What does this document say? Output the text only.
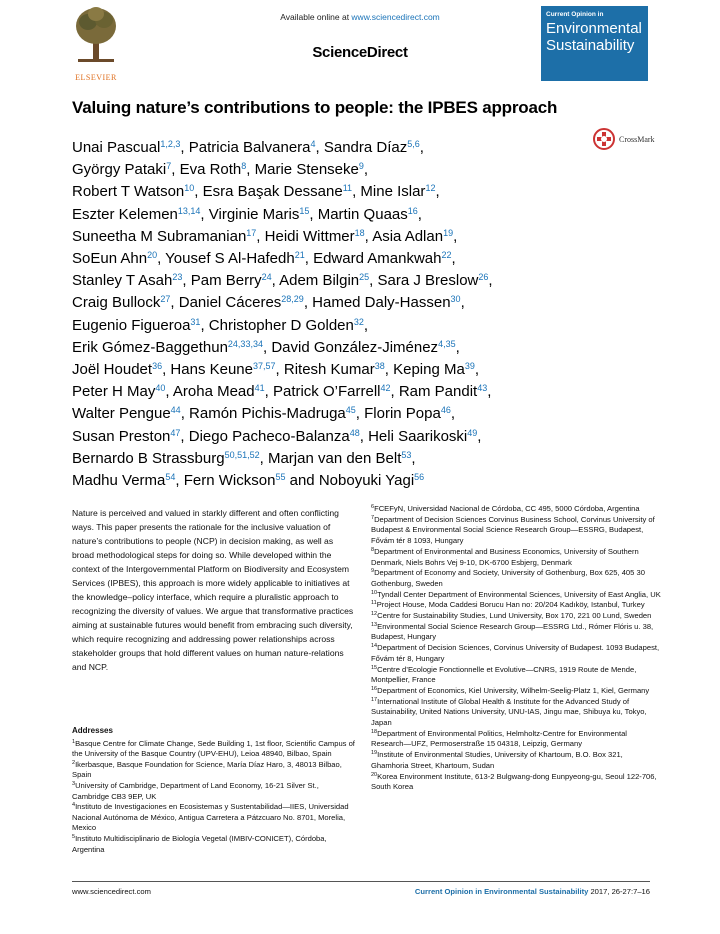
ELSEVIER
Available online at www.sciencedirect.com
ScienceDirect
Current Opinion in
Environmental
Sustainability
Valuing nature’s contributions to people: the IPBES approach
CrossMark
Unai Pascual$^{1,2,3}$, Patricia Balvanera$^4$, Sandra Díaz$^{5,6}$,
György Pataki$^7$, Eva Roth$^8$, Marie Stenseke$^9$,
Robert T Watson$^{10}$, Esra Başak Dessane$^{11}$, Mine Islar$^{12}$,
Eszter Kelemen$^{13,14}$, Virginie Maris$^{15}$, Martin Quaas$^{16}$,
Suneetha M Subramanian$^{17}$, Heidi Wittmer$^{18}$, Asia Adlan$^{19}$,
SoEun Ahn$^{20}$, Yousef S Al-Hafedh$^{21}$, Edward Amankwah$^{22}$,
Stanley T Asah$^{23}$, Pam Berry$^{24}$, Adem Bilgin$^{25}$, Sara J Breslow$^{26}$,
Craig Bullock$^{27}$, Daniel Cáceres$^{28,29}$, Hamed Daly-Hassen$^{30}$,
Eugenio Figueroa$^{31}$, Christopher D Golden$^{32}$,
Erik Gómez-Baggethun$^{24,33,34}$, David González-Jiménez$^{4,35}$,
Joël Houdet$^{36}$, Hans Keune$^{37,57}$, Ritesh Kumar$^{38}$, Keping Ma$^{39}$,
Peter H May$^{40}$, Aroha Mead$^{41}$, Patrick O’Farrell$^{42}$, Ram Pandit$^{43}$,
Walter Pengue$^{44}$, Ramón Pichis-Madruga$^{45}$, Florin Popa$^{46}$,
Susan Preston$^{47}$, Diego Pacheco-Balanza$^{48}$, Heli Saarikoski$^{49}$,
Bernardo B Strassburg$^{50,51,52}$, Marjan van den Belt$^{53}$,
Madhu Verma$^{54}$, Fern Wickson$^{55}$ and Noboyuki Yagi$^{56}$
Nature is perceived and valued in starkly different and often conflicting ways. This paper presents the rationale for the inclusive valuation of nature’s contributions to people (NCP) in decision making, as well as broad methodological steps for doing so. While developed within the context of the Intergovernmental Platform on Biodiversity and Ecosystem Services (IPBES), this approach is more widely applicable to initiatives at the knowledge–policy interface, which require a pluralistic approach to recognizing the diversity of values. We argue that transformative practices aiming at sustainable futures would benefit from embracing such diversity, which require recognizing and addressing power relationships across stakeholder groups that hold different values on human nature-relations and NCP.
Addresses
$^1$Basque Centre for Climate Change, Sede Building 1, 1st floor, Scientific Campus of the University of the Basque Country (UPV-EHU), Leioa 48940, Bilbao, Spain
$^2$Ikerbasque, Basque Foundation for Science, María Díaz Haro, 3, 48013 Bilbao, Spain
$^3$University of Cambridge, Department of Land Economy, 16-21 Silver St., Cambridge CB3 9EP, UK
$^4$Instituto de Investigaciones en Ecosistemas y Sustentabilidad—IIES, Universidad Nacional Autónoma de México, Antigua Carretera a Pátzcuaro No. 8701, Morelia, Mexico
$^5$Instituto Multidisciplinario de Biología Vegetal (IMBIV-CONICET), Córdoba, Argentina
$^6$FCEFyN, Universidad Nacional de Córdoba, CC 495, 5000 Córdoba, Argentina
$^7$Department of Decision Sciences Corvinus Business School, Corvinus University of Budapest & Environmental Social Science Research Group—ESSRG, Budapest, Fővám tér 8 1093, Hungary
$^8$Department of Environmental and Business Economics, University of Southern Denmark, Niels Bohrs Vej 9-10, DK-6700 Esbjerg, Denmark
$^9$Department of Economy and Society, University of Gothenburg, Box 625, 405 30 Gothenburg, Sweden
$^{10}$Tyndall Center Department of Environmental Sciences, University of East Anglia, UK
$^{11}$Project House, Moda Caddesi Borucu Han no: 20/204 Kadıköy, Istanbul, Turkey
$^{12}$Centre for Sustainability Studies, Lund University, Box 170, 221 00 Lund, Sweden
$^{13}$Environmental Social Science Research Group—ESSRG Ltd., Rómer Flóris u. 38, Budapest, Hungary
$^{14}$Department of Decision Sciences, Corvinus University of Budapest. 1093 Budapest, Fővám tér 8, Hungary
$^{15}$Centre d’Ecologie Fonctionnelle et Evolutive—CNRS, 1919 Route de Mende, Montpellier, France
$^{16}$Department of Economics, Kiel University, Wilhelm-Seelig-Platz 1, Kiel, Germany
$^{17}$International Institute of Global Health & Institute for the Advanced Study of Sustainability, United Nations University, UNU-IAS, Jingu mae, Shibuya ku, Tokyo, Japan
$^{18}$Department of Environmental Politics, Helmholtz-Centre for Environmental Research—UFZ, Permoserstraße 15 04318, Leipzig, Germany
$^{19}$Institute of Environmental Studies, University of Khartoum, B.O. Box 321, Ghamhoria Street, Khartoum, Sudan
$^{20}$Korea Environment Institute, 613-2 Bulgwang-dong Eunpyeong-gu, Seoul 122-706, South Korea
www.sciencedirect.com	Current Opinion in Environmental Sustainability 2017, 26-27:7–16
